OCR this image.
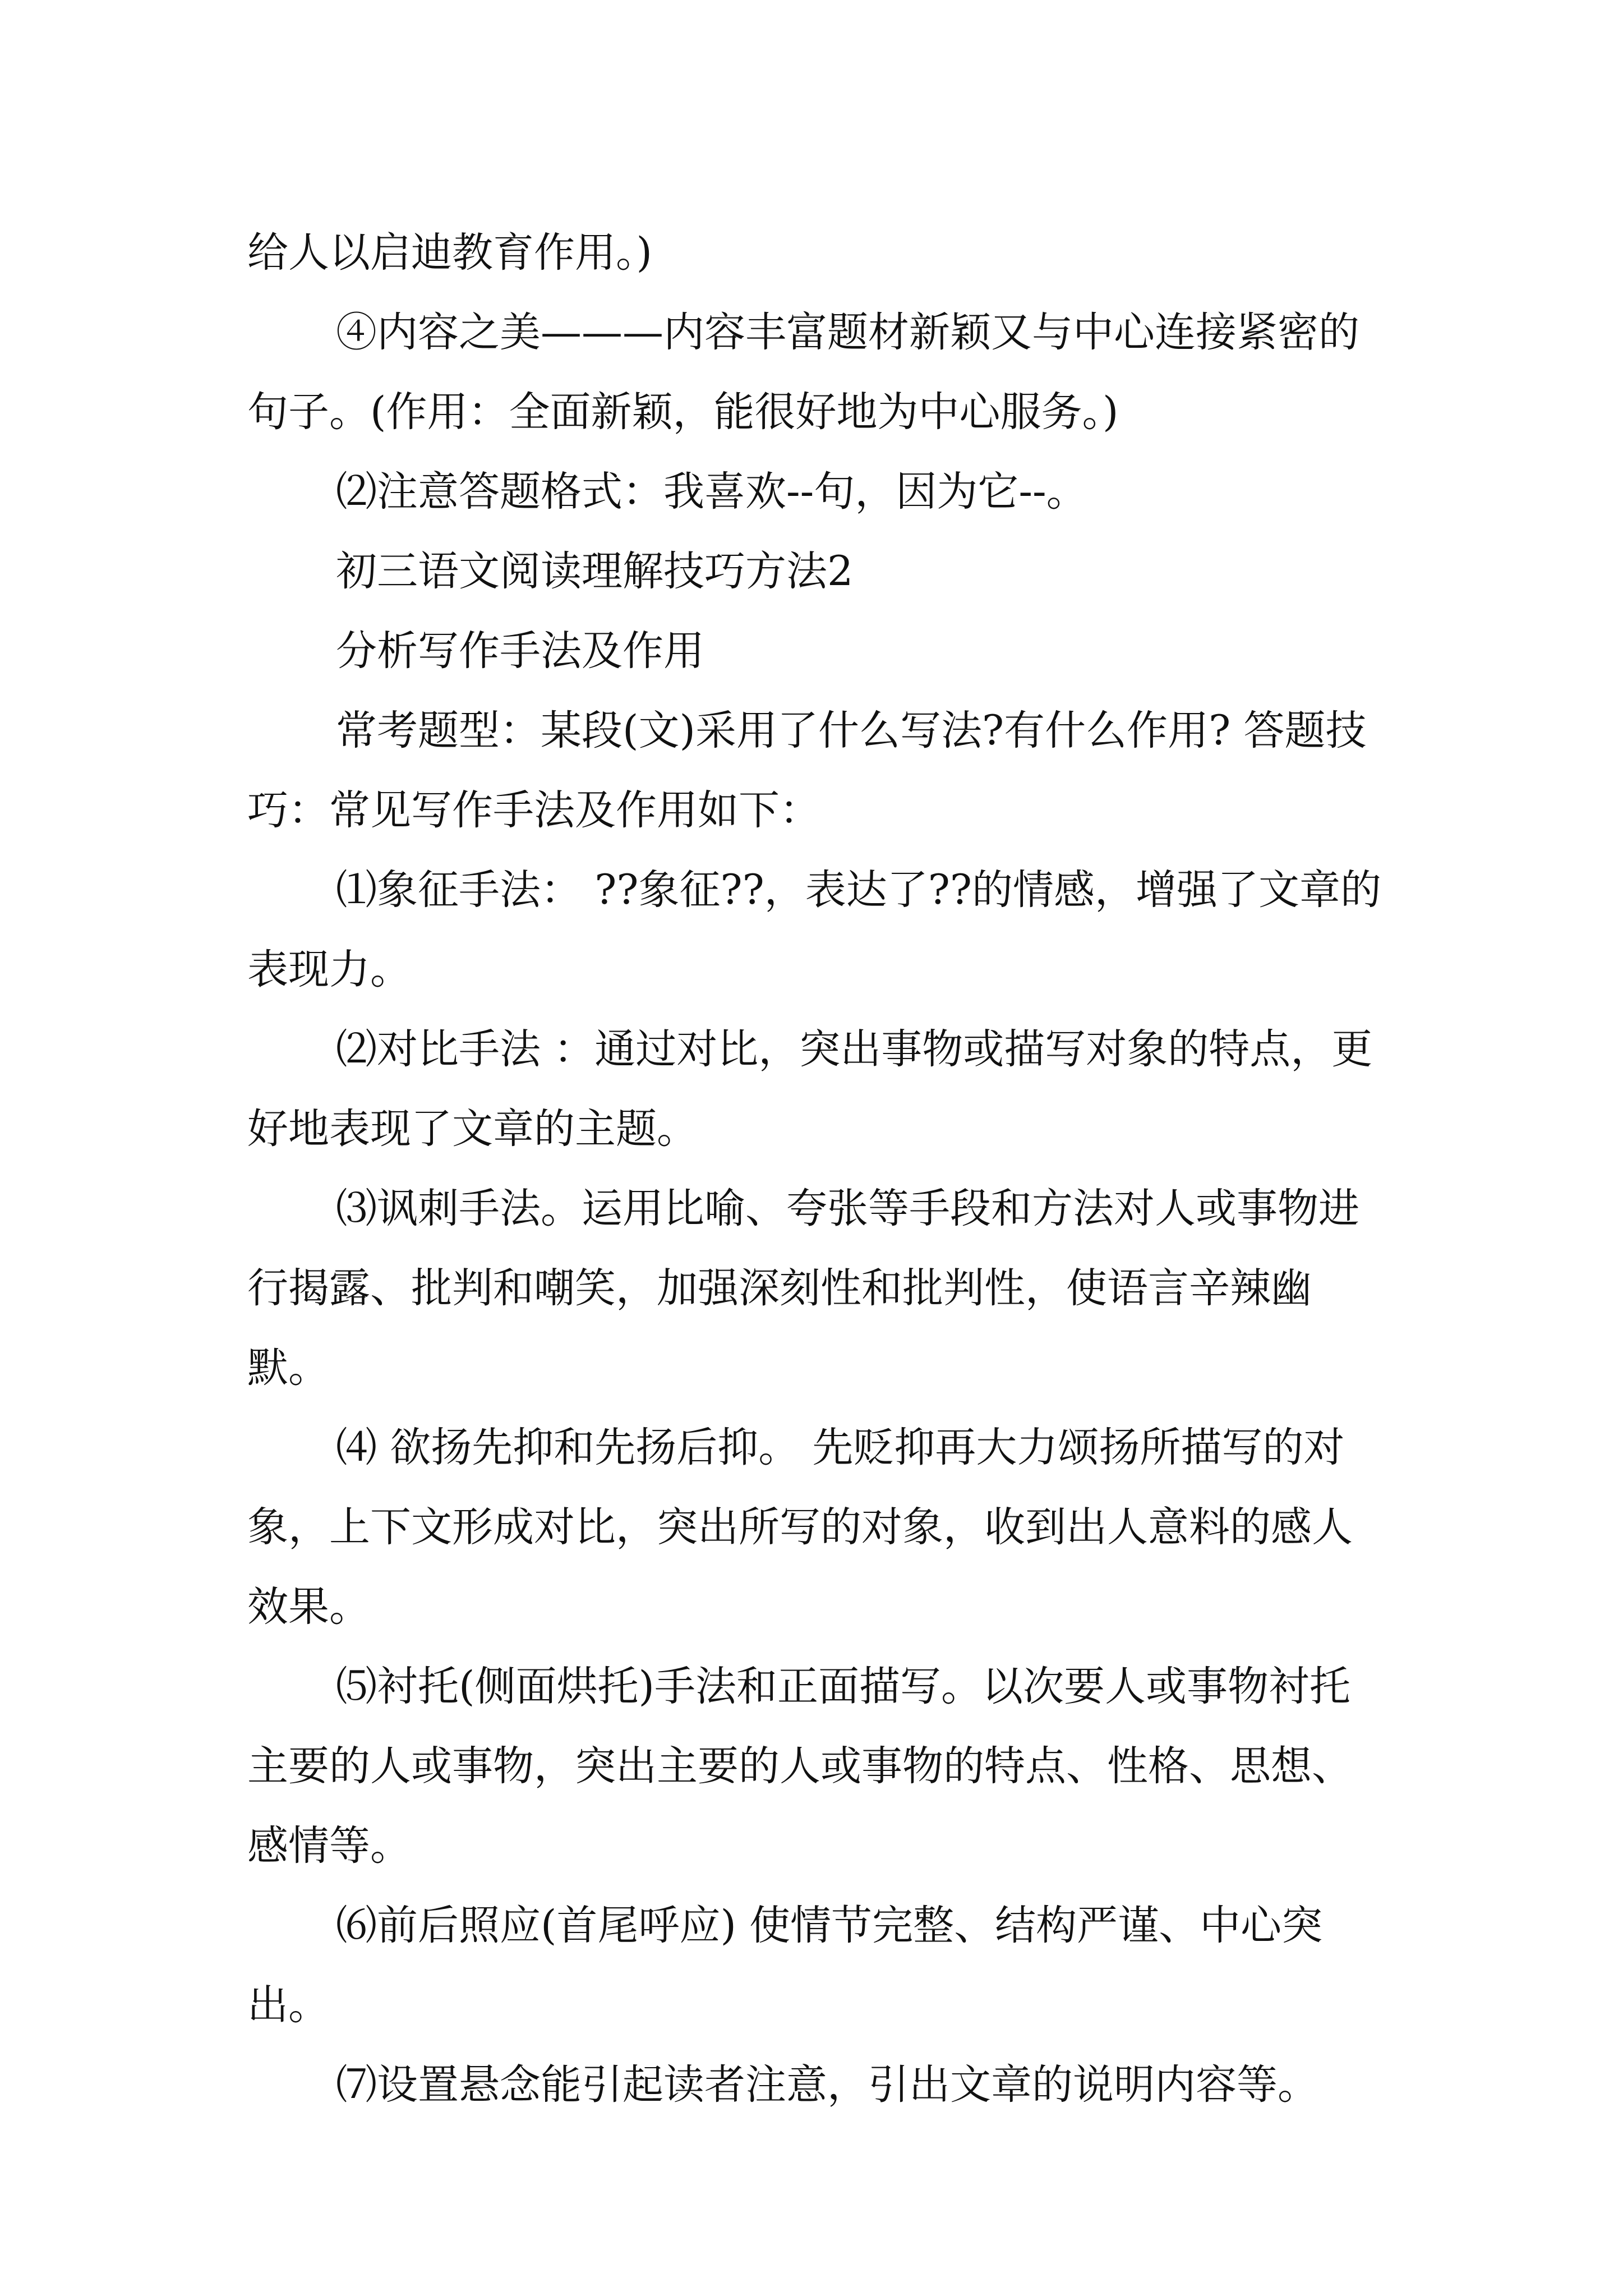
给人以启迪教育作用。)

④内容之美———内容丰富题材新颖又与中心连接紧密的句子。(作用：全面新颖，能很好地为中心服务。)

⑵注意答题格式：我喜欢--句，因为它--。

初三语文阅读理解技巧方法2

分析写作手法及作用

常考题型：某段(文)采用了什么写法?有什么作用? 答题技巧：常见写作手法及作用如下：

⑴象征手法： ??象征??，表达了??的情感，增强了文章的表现力。

⑵对比手法 ：通过对比，突出事物或描写对象的特点，更好地表现了文章的主题。

⑶讽刺手法。运用比喻、夸张等手段和方法对人或事物进行揭露、批判和嘲笑，加强深刻性和批判性，使语言辛辣幽默。

⑷ 欲扬先抑和先扬后抑。 先贬抑再大力颂扬所描写的对象，上下文形成对比，突出所写的对象，收到出人意料的感人效果。

⑸衬托(侧面烘托)手法和正面描写。以次要人或事物衬托主要的人或事物，突出主要的人或事物的特点、性格、思想、感情等。

⑹前后照应(首尾呼应) 使情节完整、结构严谨、中心突出。

⑺设置悬念能引起读者注意，引出文章的说明内容等。
